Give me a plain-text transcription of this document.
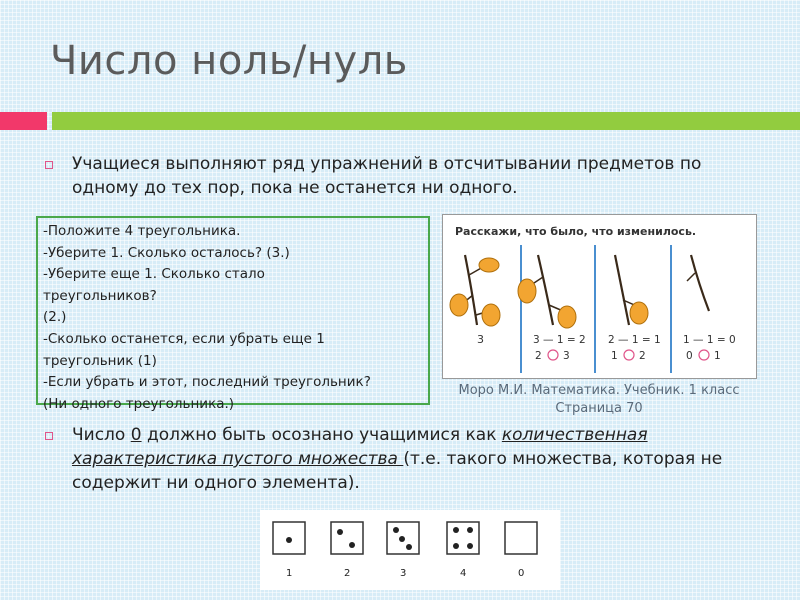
Число ноль/нуль
Учащиеся выполняют ряд упражнений в отсчитывании предметов по одному до тех пор, пока не останется ни одного.
-Положите 4 треугольника.
-Уберите 1. Сколько осталось? (3.)
-Уберите еще 1. Сколько стало
треугольников?
(2.)
-Сколько останется, если убрать еще 1
треугольник (1)
-Если убрать и этот, последний треугольник?
(Ни одного треугольника.)
Расскажи, что было, что изменилось.
3	3 — 1 = 2
2 3
2 — 1 = 1
1 2
1 — 1 = 0
0 1
Моро М.И. Математика. Учебник. 1 класс
Страница 70
Число 0 должно быть осознано учащимися как количественная характеристика пустого множества (т.е. такого множества, которая не содержит ни одного элемента).
1	2	3	4	0
